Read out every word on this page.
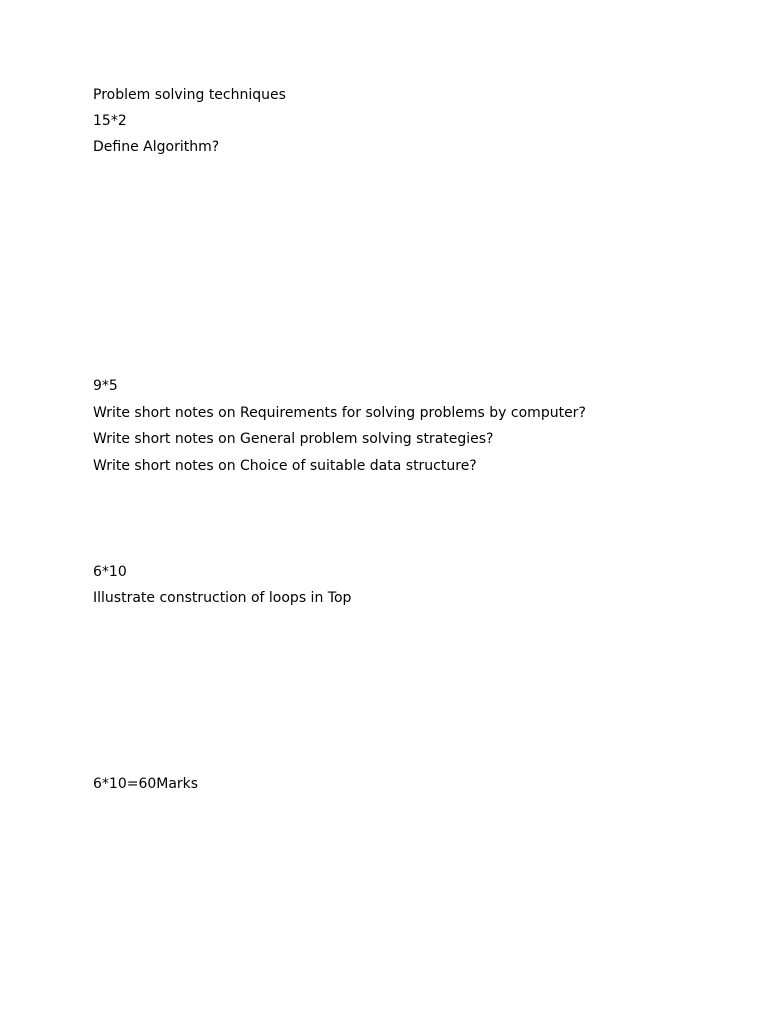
Problem solving techniques
15*2
Define Algorithm?
9*5
Write short notes on Requirements for solving problems by computer?
Write short notes on General problem solving strategies?
Write short notes on Choice of suitable data structure?
6*10
Illustrate construction of loops in Top
6*10=60Marks
